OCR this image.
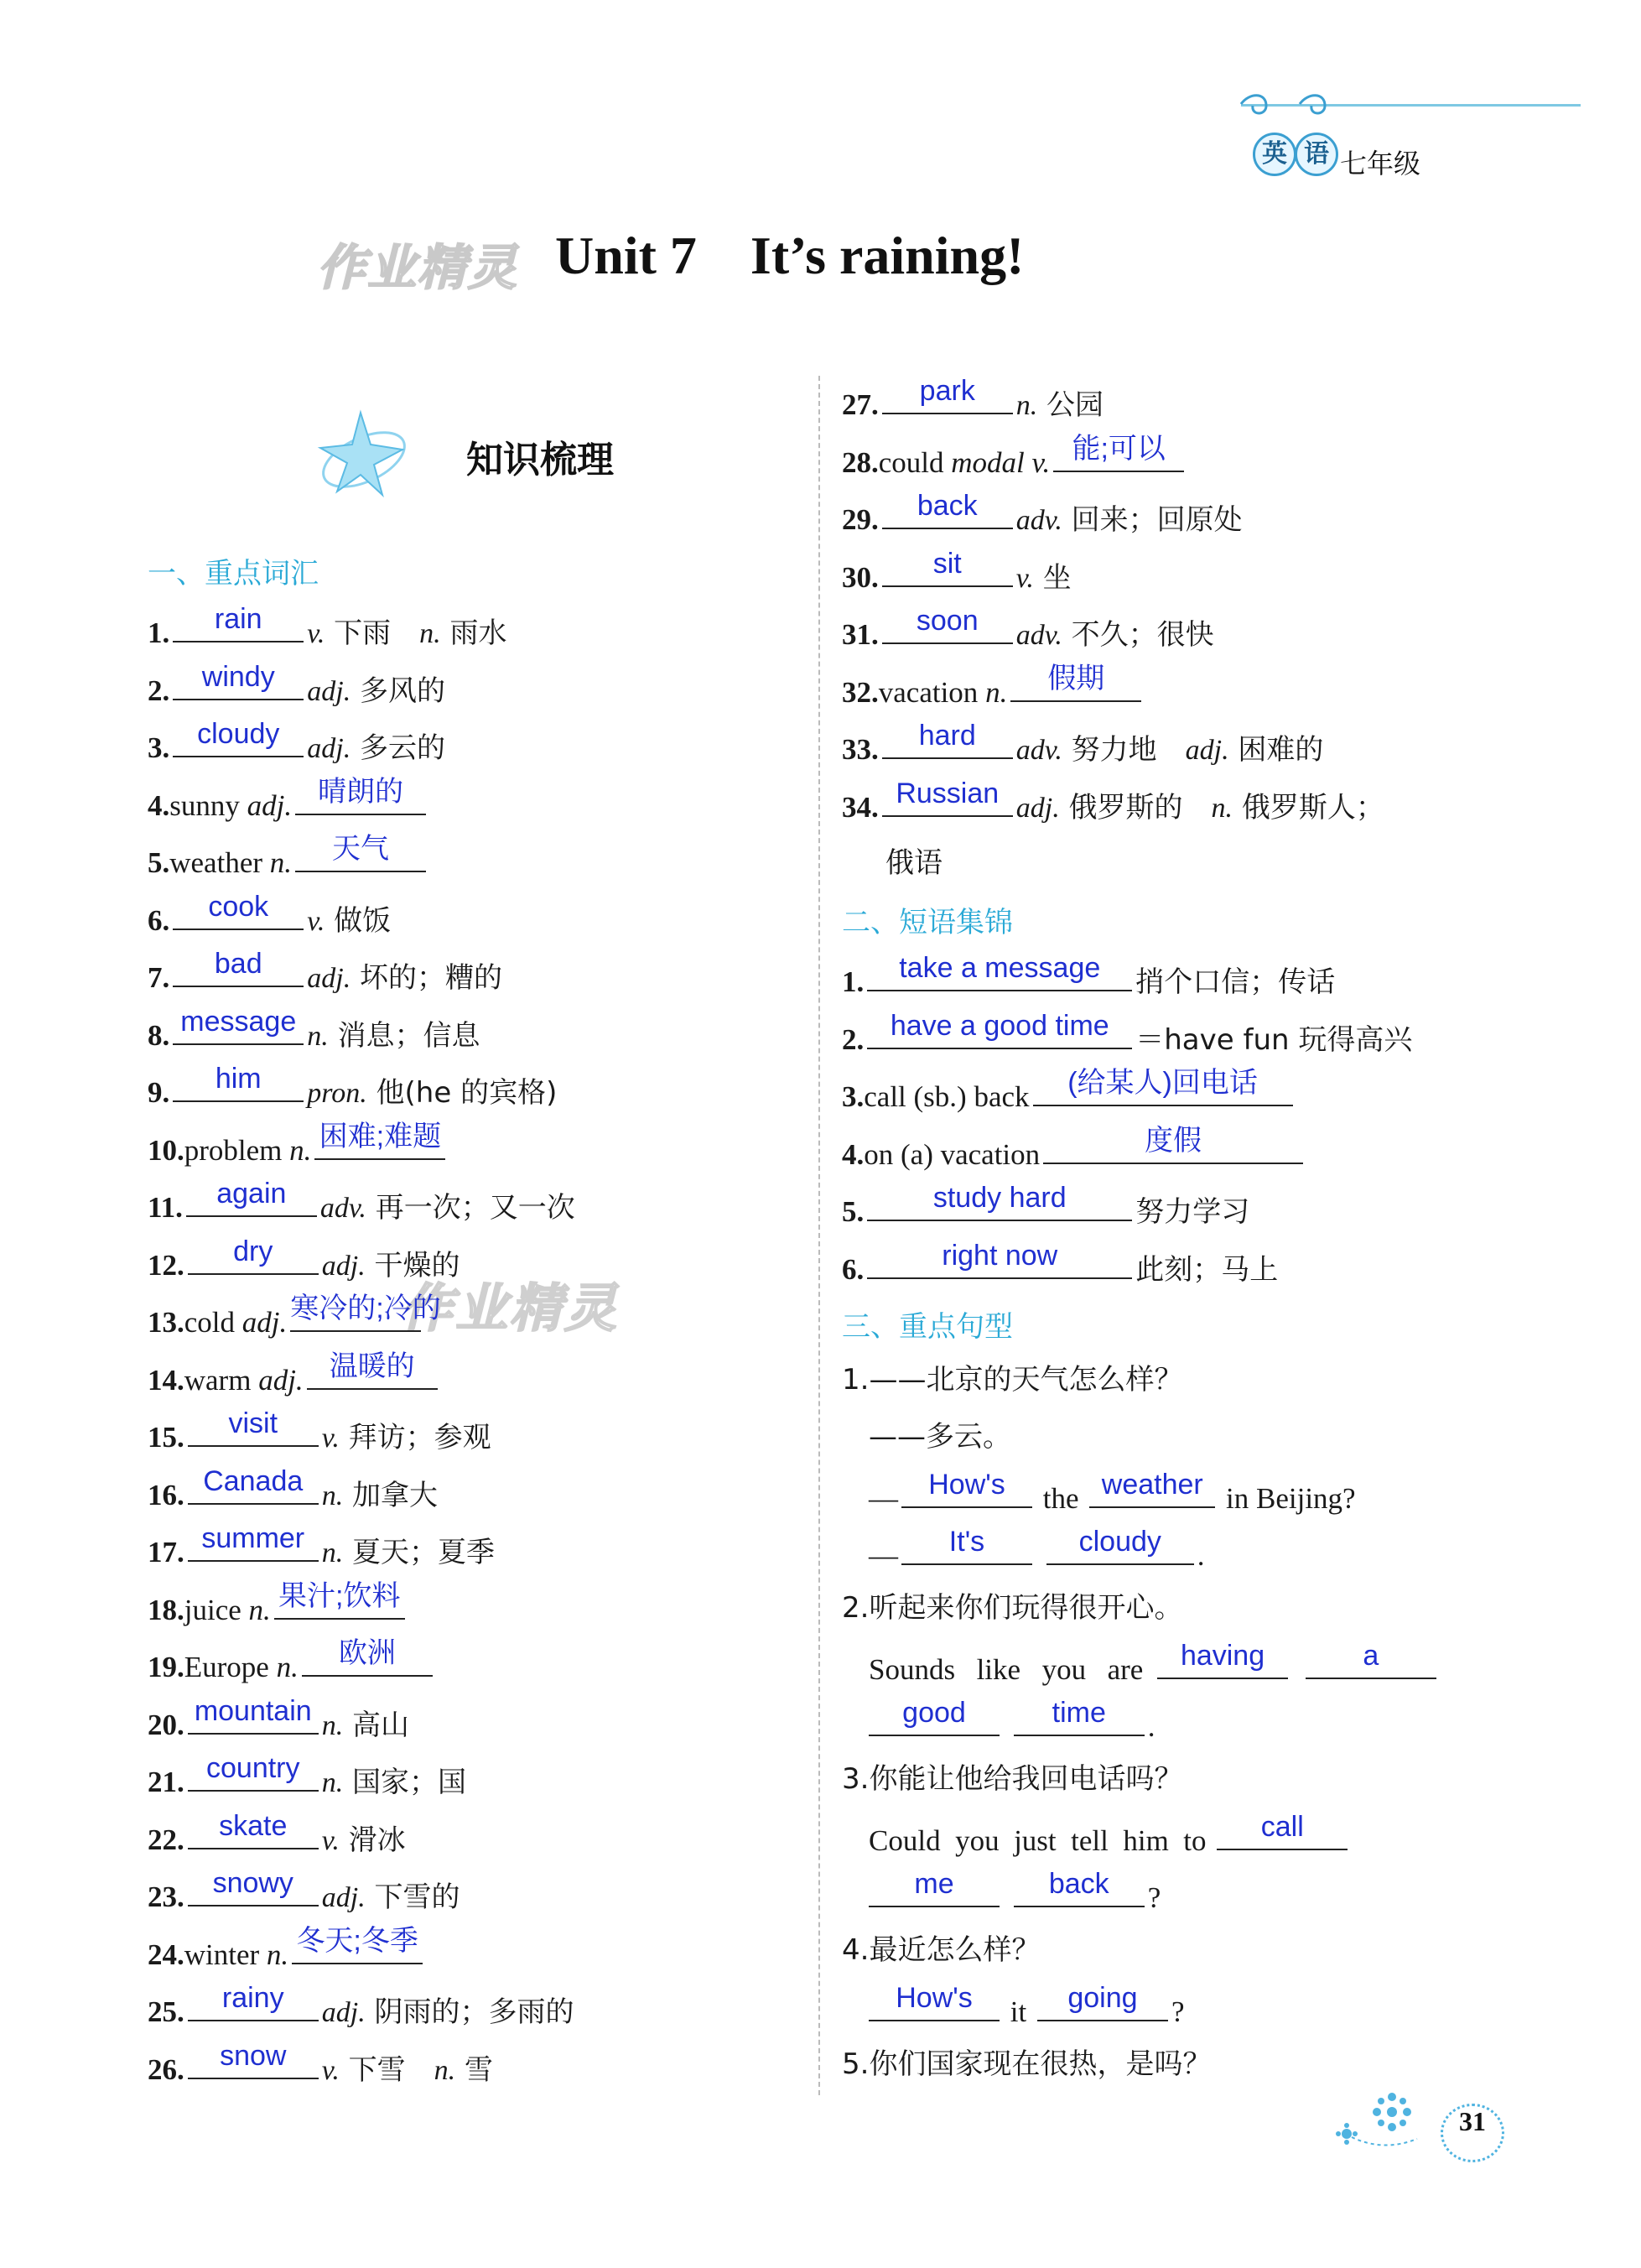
英 语 七年级
作业精灵 Unit 7    It’s raining!
知识梳理
一、重点词汇
作业精灵
俄语
二、短语集锦
三、重点句型
1.——北京的天气怎么样？
——多云。
—	How's	the weather in Beijing?
—	It's
	cloudy	.
2.听起来你们玩得很开心。
Sounds  like  you  are	having
	a
good
	time	.
3.你能让他给我回电话吗？
Could  you  just  tell  him  to	call
me
	back	?
4.最近怎么样？
How's	it	going	?
5.你们国家现在很热，是吗？
31
1.	rain	v. 下雨　n. 雨水
2.	windy	adj. 多风的
3. cloudy adj. 多云的
4.sunny adj. 晴朗的
5.weather n.	天气
6.	cook	v. 做饭
7.	bad	adj. 坏的；糟的
8. message n. 消息；信息
9.	him	pron. 他(he 的宾格)
10.problem n. 困难;难题
11.	again	adv. 再一次；又一次
12.	dry	adj. 干燥的
13.cold adj. 寒冷的;冷的
14.warm adj. 温暖的
15.	visit	v. 拜访；参观
16. Canada n. 加拿大
17. summer n. 夏天；夏季
18.juice n. 果汁;饮料
19.Europe n.	欧洲
20. mountain n. 高山
21. country n. 国家；国
22.	skate	v. 滑冰
23. snowy adj. 下雪的
24.winter n. 冬天;冬季
25.	rainy	adj. 阴雨的；多雨的
26.	snow	v. 下雪　n. 雪
27.	park	n. 公园
28.could modal v. 能;可以
29.	back	adv. 回来；回原处
30.	sit	v. 坐
31.	soon	adv. 不久；很快
32.vacation n.	假期
33.	hard	adv. 努力地　adj. 困难的
34. Russian adj. 俄罗斯的　n. 俄罗斯人；
1.	take a message	捎个口信；传话
2. have a good time ＝have fun 玩得高兴
3.call (sb.) back	(给某人)回电话
4.on (a) vacation	度假
5.	study hard	努力学习
6.	right now	此刻；马上
